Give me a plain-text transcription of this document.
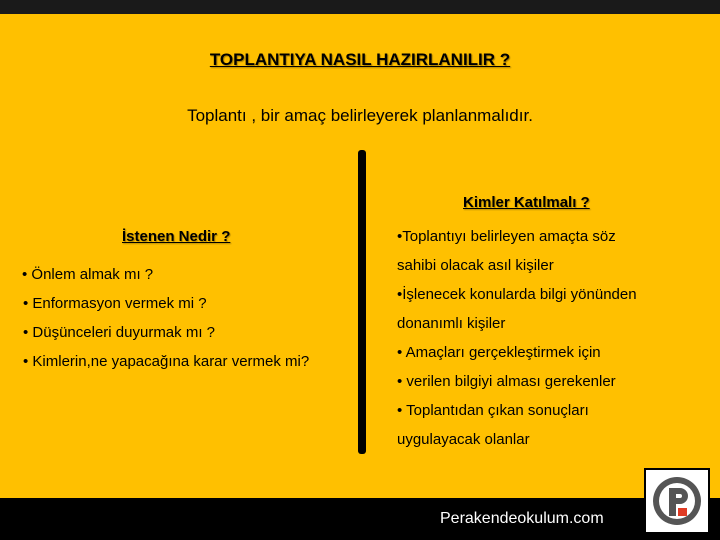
TOPLANTIYA NASIL HAZIRLANILIR ?
Toplantı , bir amaç belirleyerek planlanmalıdır.
İstenen Nedir ?
• Önlem almak mı ?
• Enformasyon vermek mi ?
• Düşünceleri duyurmak mı ?
• Kimlerin,ne yapacağına karar vermek mi?
Kimler Katılmalı ?
•Toplantıyı belirleyen amaçta söz
sahibi olacak asıl kişiler
•İşlenecek konularda bilgi yönünden
donanımlı kişiler
• Amaçları gerçekleştirmek için
• verilen bilgiyi alması gerekenler
• Toplantıdan çıkan sonuçları
uygulayacak olanlar
Perakendeokulum.com
